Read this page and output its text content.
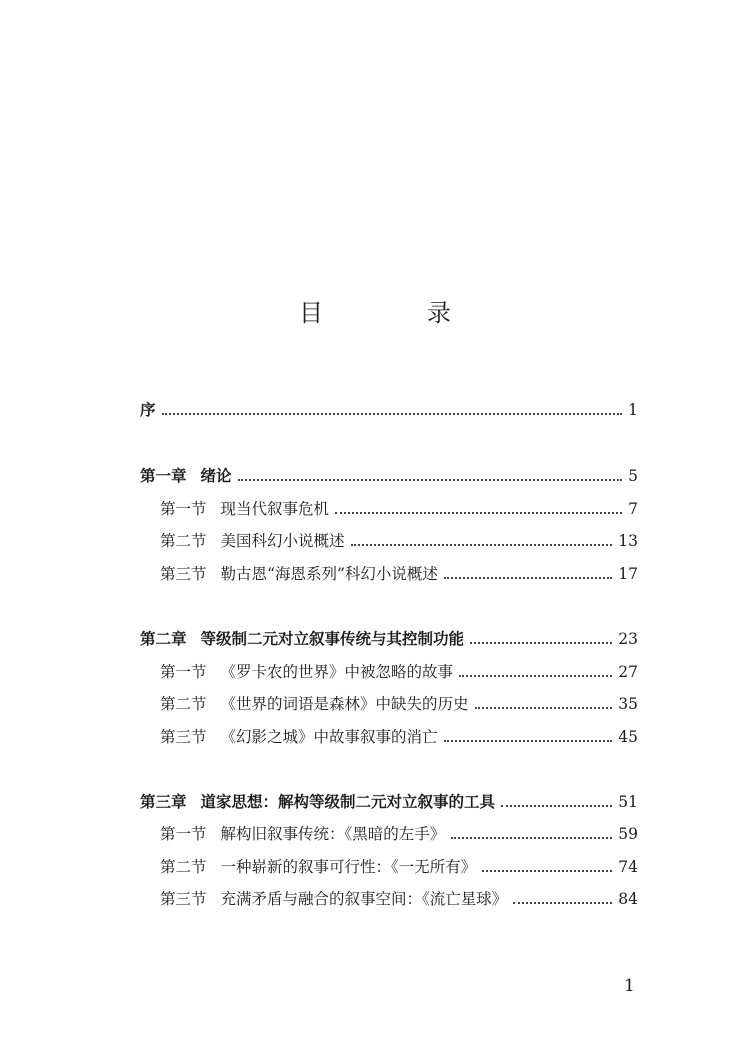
目　录
序	1
第一章 绪论	5
第一节 现当代叙事危机	7
第二节 美国科幻小说概述	13
第三节 勒古恩“海恩系列”科幻小说概述	17
第二章 等级制二元对立叙事传统与其控制功能	23
第一节 《罗卡农的世界》中被忽略的故事	27
第二节 《世界的词语是森林》中缺失的历史	35
第三节 《幻影之城》中故事叙事的消亡	45
第三章 道家思想：解构等级制二元对立叙事的工具	51
第一节 解构旧叙事传统：《黑暗的左手》	59
第二节 一种崭新的叙事可行性：《一无所有》	74
第三节 充满矛盾与融合的叙事空间：《流亡星球》	84
1
